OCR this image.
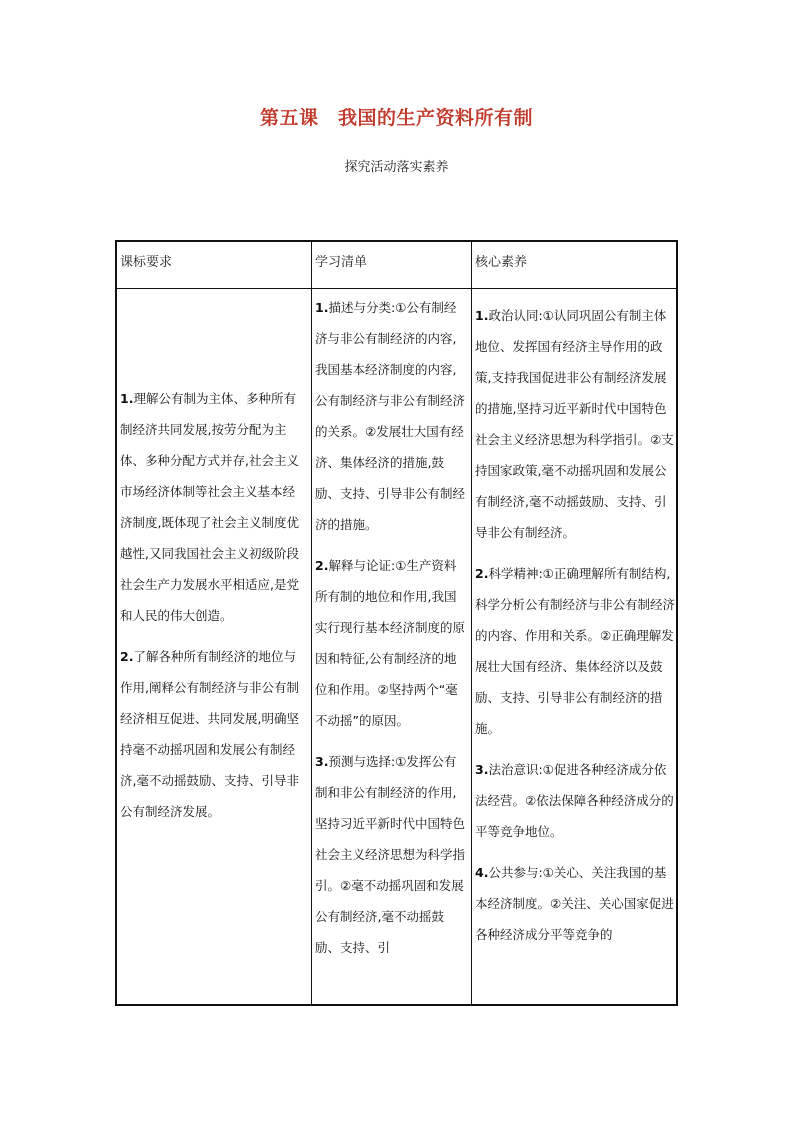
第五课　我国的生产资料所有制
探究活动落实素养
课标要求	学习清单	核心素养

1.理解公有制为主体、多种所有制经济共同发展,按劳分配为主体、多种分配方式并存,社会主义市场经济体制等社会主义基本经济制度,既体现了社会主义制度优越性,又同我国社会主义初级阶段社会生产力发展水平相适应,是党和人民的伟大创造。

2.了解各种所有制经济的地位与作用,阐释公有制经济与非公有制经济相互促进、共同发展,明确坚持毫不动摇巩固和发展公有制经济,毫不动摇鼓励、支持、引导非公有制经济发展。

1.描述与分类:①公有制经济与非公有制经济的内容,我国基本经济制度的内容,公有制经济与非公有制经济的关系。②发展壮大国有经济、集体经济的措施,鼓励、支持、引导非公有制经济的措施。

2.解释与论证:①生产资料所有制的地位和作用,我国实行现行基本经济制度的原因和特征,公有制经济的地位和作用。②坚持两个“毫不动摇”的原因。

3.预测与选择:①发挥公有制和非公有制经济的作用,坚持习近平新时代中国特色社会主义经济思想为科学指引。②毫不动摇巩固和发展公有制经济,毫不动摇鼓励、支持、引

1.政治认同:①认同巩固公有制主体地位、发挥国有经济主导作用的政策,支持我国促进非公有制经济发展的措施,坚持习近平新时代中国特色社会主义经济思想为科学指引。②支持国家政策,毫不动摇巩固和发展公有制经济,毫不动摇鼓励、支持、引导非公有制经济。

2.科学精神:①正确理解所有制结构,科学分析公有制经济与非公有制经济的内容、作用和关系。②正确理解发展壮大国有经济、集体经济以及鼓励、支持、引导非公有制经济的措施。

3.法治意识:①促进各种经济成分依法经营。②依法保障各种经济成分的平等竞争地位。

4.公共参与:①关心、关注我国的基本经济制度。②关注、关心国家促进各种经济成分平等竞争的
